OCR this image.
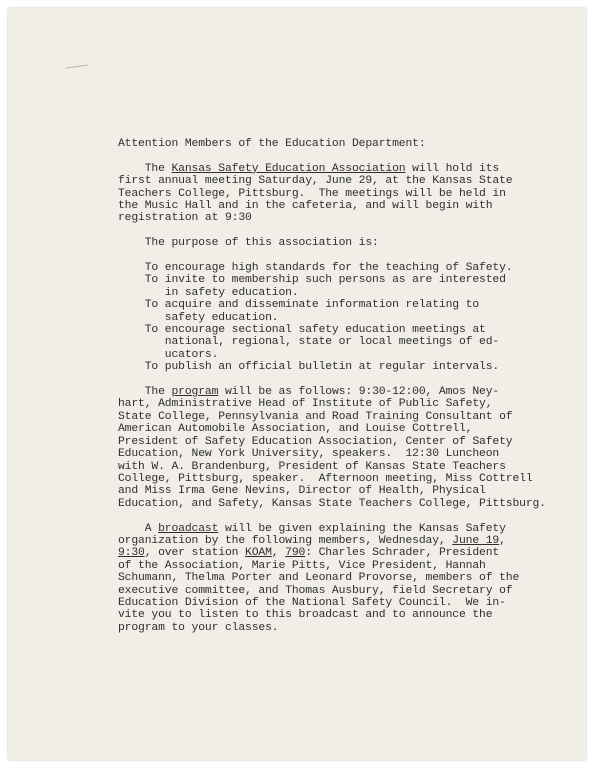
Attention Members of the Education Department:
The Kansas Safety Education Association will hold its
first annual meeting Saturday, June 29, at the Kansas State
Teachers College, Pittsburg.  The meetings will be held in
the Music Hall and in the cafeteria, and will begin with
registration at 9:30
The purpose of this association is:
To encourage high standards for the teaching of Safety.
To invite to membership such persons as are interested
in safety education.
To acquire and disseminate information relating to
safety education.
To encourage sectional safety education meetings at
national, regional, state or local meetings of ed-
ucators.
To publish an official bulletin at regular intervals.
The program will be as follows: 9:30-12:00, Amos Ney-
hart, Administrative Head of Institute of Public Safety,
State College, Pennsylvania and Road Training Consultant of
American Automobile Association, and Louise Cottrell,
President of Safety Education Association, Center of Safety
Education, New York University, speakers.  12:30 Luncheon
with W. A. Brandenburg, President of Kansas State Teachers
College, Pittsburg, speaker.  Afternoon meeting, Miss Cottrell
and Miss Irma Gene Nevins, Director of Health, Physical
Education, and Safety, Kansas State Teachers College, Pittsburg.
A broadcast will be given explaining the Kansas Safety
organization by the following members, Wednesday, June 19,
9:30, over station KOAM, 790: Charles Schrader, President
of the Association, Marie Pitts, Vice President, Hannah
Schumann, Thelma Porter and Leonard Provorse, members of the
executive committee, and Thomas Ausbury, field Secretary of
Education Division of the National Safety Council.  We in-
vite you to listen to this broadcast and to announce the
program to your classes.
